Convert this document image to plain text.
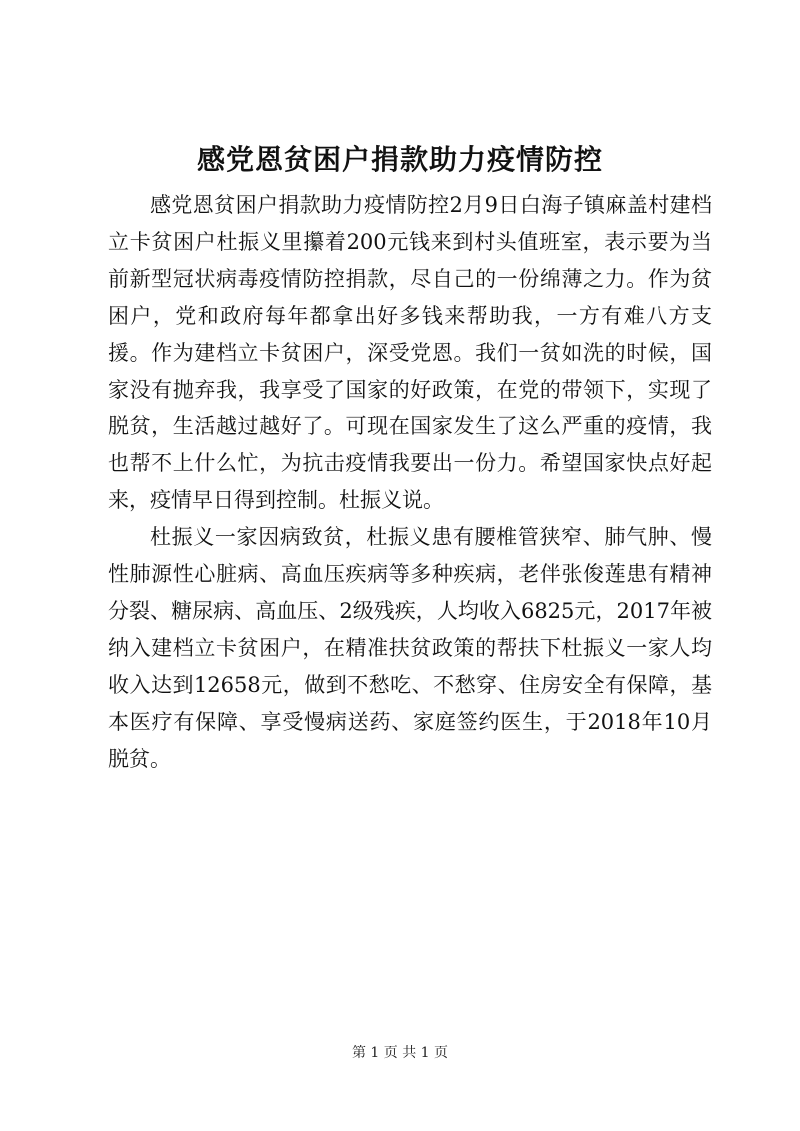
感党恩贫困户捐款助力疫情防控

感党恩贫困户捐款助力疫情防控2月9日白海子镇麻盖村建档立卡贫困户杜振义里攥着200元钱来到村头值班室，表示要为当前新型冠状病毒疫情防控捐款，尽自己的一份绵薄之力。作为贫困户，党和政府每年都拿出好多钱来帮助我，一方有难八方支援。作为建档立卡贫困户，深受党恩。我们一贫如洗的时候，国家没有抛弃我，我享受了国家的好政策，在党的带领下，实现了脱贫，生活越过越好了。可现在国家发生了这么严重的疫情，我也帮不上什么忙，为抗击疫情我要出一份力。希望国家快点好起来，疫情早日得到控制。杜振义说。

杜振义一家因病致贫，杜振义患有腰椎管狭窄、肺气肿、慢性肺源性心脏病、高血压疾病等多种疾病，老伴张俊莲患有精神分裂、糖尿病、高血压、2级残疾，人均收入6825元，2017年被纳入建档立卡贫困户，在精准扶贫政策的帮扶下杜振义一家人均收入达到12658元，做到不愁吃、不愁穿、住房安全有保障，基本医疗有保障、享受慢病送药、家庭签约医生，于2018年10月脱贫。

第 1 页 共 1 页
